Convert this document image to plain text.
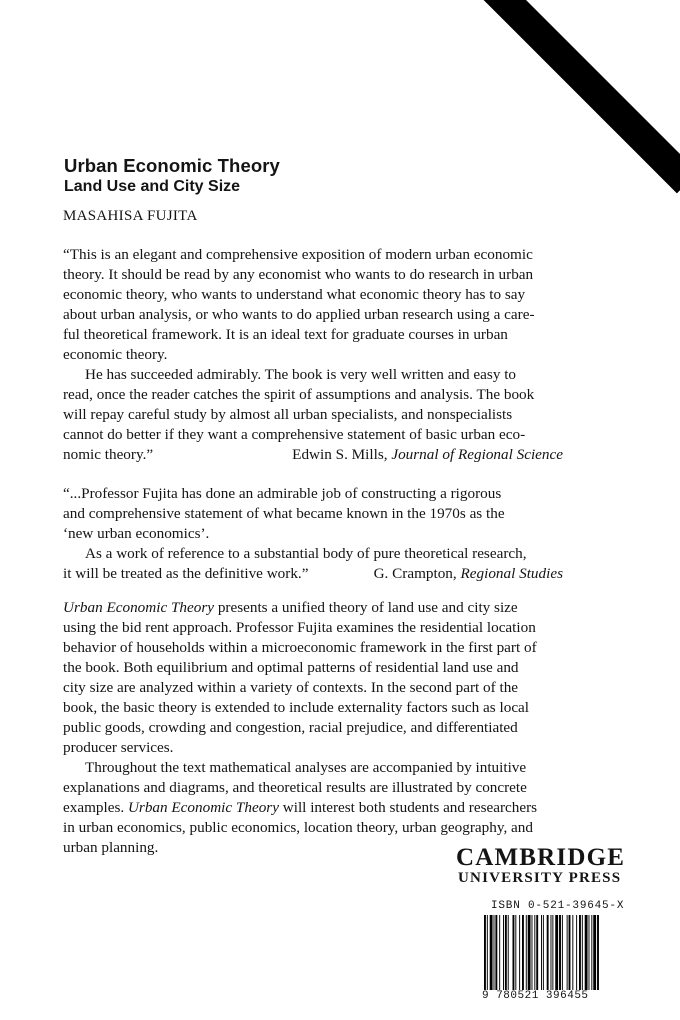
Urban Economic Theory
Land Use and City Size
MASAHISA FUJITA
“This is an elegant and comprehensive exposition of modern urban economic
theory. It should be read by any economist who wants to do research in urban
economic theory, who wants to understand what economic theory has to say
about urban analysis, or who wants to do applied urban research using a care-
ful theoretical framework. It is an ideal text for graduate courses in urban
economic theory.
He has succeeded admirably. The book is very well written and easy to
read, once the reader catches the spirit of assumptions and analysis. The book
will repay careful study by almost all urban specialists, and nonspecialists
cannot do better if they want a comprehensive statement of basic urban eco-
nomic theory.”	Edwin S. Mills, Journal of Regional Science
“...Professor Fujita has done an admirable job of constructing a rigorous
and comprehensive statement of what became known in the 1970s as the
‘new urban economics’.
As a work of reference to a substantial body of pure theoretical research,
it will be treated as the definitive work.”	G. Crampton, Regional Studies
Urban Economic Theory presents a unified theory of land use and city size
using the bid rent approach. Professor Fujita examines the residential location
behavior of households within a microeconomic framework in the first part of
the book. Both equilibrium and optimal patterns of residential land use and
city size are analyzed within a variety of contexts. In the second part of the
book, the basic theory is extended to include externality factors such as local
public goods, crowding and congestion, racial prejudice, and differentiated
producer services.
Throughout the text mathematical analyses are accompanied by intuitive
explanations and diagrams, and theoretical results are illustrated by concrete
examples. Urban Economic Theory will interest both students and researchers
in urban economics, public economics, location theory, urban geography, and
urban planning.	CAMBRIDGE
UNIVERSITY PRESS
ISBN 0-521-39645-X
9 780521 396455
